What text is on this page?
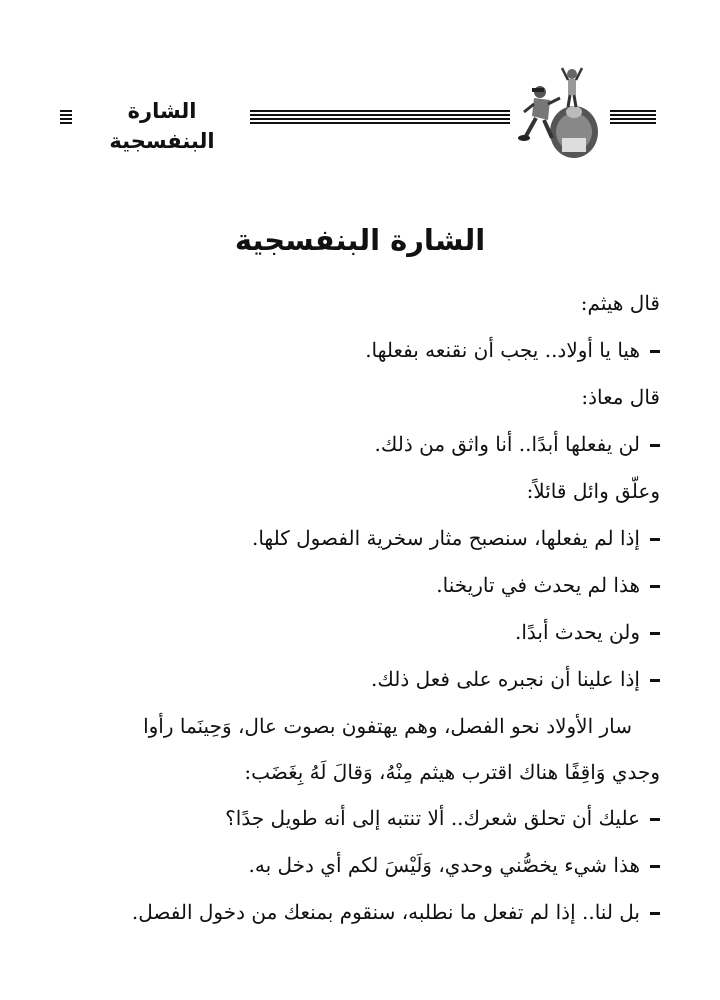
الشارة البنفسجية
الشارة البنفسجية
قال هيثم:
هيا يا أولاد.. يجب أن نقنعه بفعلها.
قال معاذ:
لن يفعلها أبدًا.. أنا واثق من ذلك.
وعلّق وائل قائلاً:
إذا لم يفعلها، سنصبح مثار سخرية الفصول كلها.
هذا لم يحدث في تاريخنا.
ولن يحدث أبدًا.
إذا علينا أن نجبره على فعل ذلك.
سار الأولاد نحو الفصل، وهم يهتفون بصوت عال، وَحِينَما رأوا
وجدي وَاقِفًا هناك اقترب هيثم مِنْهُ، وَقالَ لَهُ بِغَضَب:
عليك أن تحلق شعرك.. ألا تنتبه إلى أنه طويل جدًا؟
هذا شيء يخصُّني وحدي، وَلَيْسَ لكم أي دخل به.
بل لنا.. إذا لم تفعل ما نطلبه، سنقوم بمنعك من دخول الفصل.
